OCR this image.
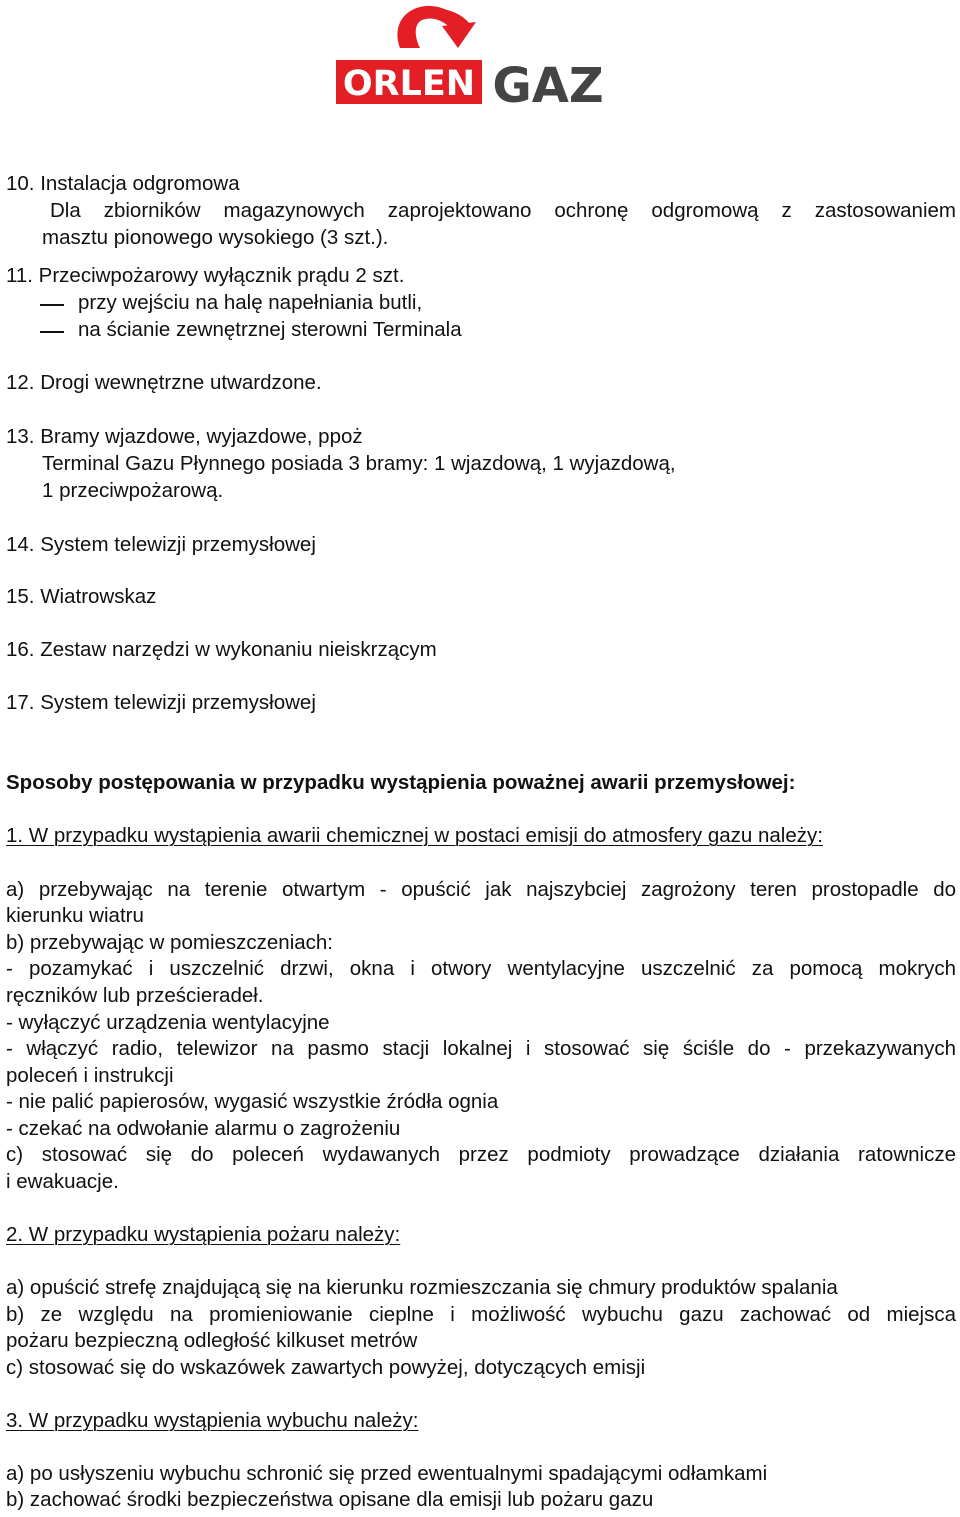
ORLEN GAZ
10. Instalacja odgromowa
Dla zbiorników magazynowych zaprojektowano ochronę odgromową z zastosowaniem
masztu pionowego wysokiego (3 szt.).
11. Przeciwpożarowy wyłącznik prądu 2 szt.
przy wejściu na halę napełniania butli,
na ścianie zewnętrznej sterowni Terminala
12. Drogi wewnętrzne utwardzone.
13. Bramy wjazdowe, wyjazdowe, ppoż
Terminal Gazu Płynnego posiada 3 bramy: 1 wjazdową, 1 wyjazdową,
1 przeciwpożarową.
14. System telewizji przemysłowej
15. Wiatrowskaz
16. Zestaw narzędzi w wykonaniu nieiskrzącym
17. System telewizji przemysłowej
Sposoby postępowania w przypadku wystąpienia poważnej awarii przemysłowej:
1. W przypadku wystąpienia awarii chemicznej w postaci emisji do atmosfery gazu należy:
a) przebywając na terenie otwartym - opuścić jak najszybciej zagrożony teren prostopadle do
kierunku wiatru
b) przebywając w pomieszczeniach:
- pozamykać i uszczelnić drzwi, okna i otwory wentylacyjne uszczelnić za pomocą mokrych
ręczników lub prześcieradeł.
- wyłączyć urządzenia wentylacyjne
- włączyć radio, telewizor na pasmo stacji lokalnej i stosować się ściśle do - przekazywanych
poleceń i instrukcji
- nie palić papierosów, wygasić wszystkie źródła ognia
- czekać na odwołanie alarmu o zagrożeniu
c) stosować się do poleceń wydawanych przez podmioty prowadzące działania ratownicze
i ewakuacje.
2. W przypadku wystąpienia pożaru należy:
a) opuścić strefę znajdującą się na kierunku rozmieszczania się chmury produktów spalania
b) ze względu na promieniowanie cieplne i możliwość wybuchu gazu zachować od miejsca
pożaru bezpieczną odległość kilkuset metrów
c) stosować się do wskazówek zawartych powyżej, dotyczących emisji
3. W przypadku wystąpienia wybuchu należy:
a) po usłyszeniu wybuchu schronić się przed ewentualnymi spadającymi odłamkami
b) zachować środki bezpieczeństwa opisane dla emisji lub pożaru gazu
